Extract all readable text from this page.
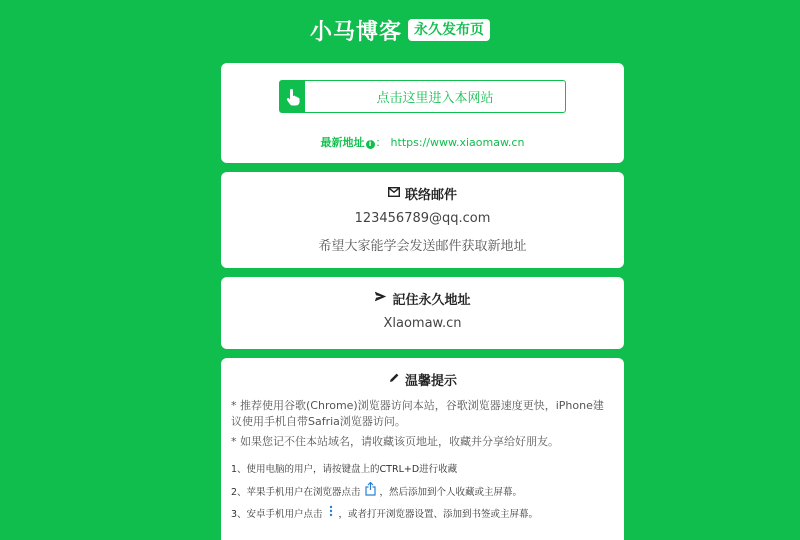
小马博客 永久发布页
点击这里进入本网站
最新地址 i ： https://www.xiaomaw.cn
联络邮件
123456789@qq.com
希望大家能学会发送邮件获取新地址
記住永久地址
Xlaomaw.cn
温馨提示
* 推荐使用谷歌(Chrome)浏览器访问本站，谷歌浏览器速度更快，iPhone建议使用手机自带Safria浏览器访问。
* 如果您记不住本站域名，请收藏该页地址，收藏并分享给好朋友。
1、使用电脑的用户，请按键盘上的CTRL+D进行收藏
2、苹果手机用户在浏览器点击 ，然后添加到个人收藏或主屏幕。
3、安卓手机用户点击 ，或者打开浏览器设置、添加到书签或主屏幕。
